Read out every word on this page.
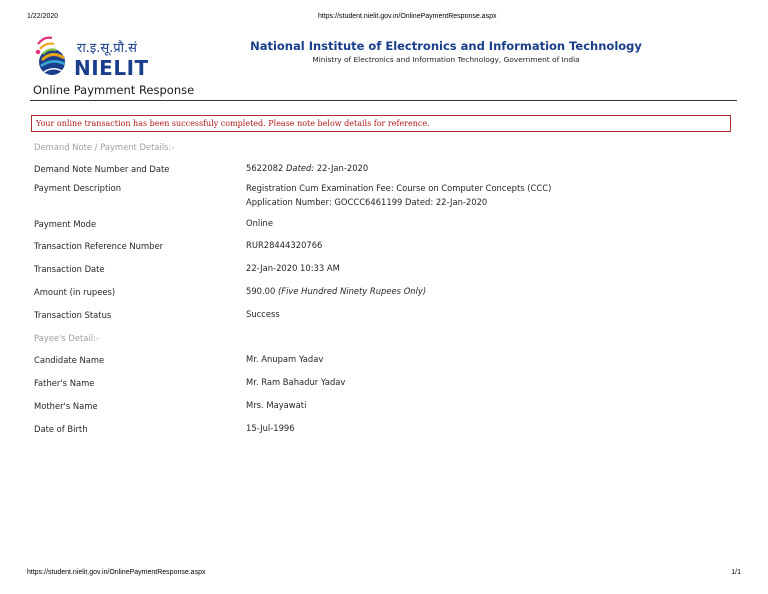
1/22/2020	https://student.nielit.gov.in/OnlinePaymentResponse.aspx
रा.इ.सू.प्रौ.सं
NIELIT
National Institute of Electronics and Information Technology
Ministry of Electronics and Information Technology, Government of India
Online Paymment Response
Your online transaction has been successfuly completed. Please note below details for reference.
Demand Note / Payment Details:-
Demand Note Number and Date	5622082 Dated: 22-Jan-2020
Payment Description	Registration Cum Examination Fee: Course on Computer Concepts (CCC)
Application Number: GOCCC6461199 Dated: 22-Jan-2020
Payment Mode	Online
Transaction Reference Number	RUR28444320766
Transaction Date	22-Jan-2020 10:33 AM
Amount (in rupees)	590.00 (Five Hundred Ninety Rupees Only)
Transaction Status	Success
Payee's Detail:-
Candidate Name	Mr. Anupam Yadav
Father's Name	Mr. Ram Bahadur Yadav
Mother's Name	Mrs. Mayawati
Date of Birth	15-Jul-1996
https://student.nielit.gov.in/OnlinePaymentResponse.aspx	1/1
